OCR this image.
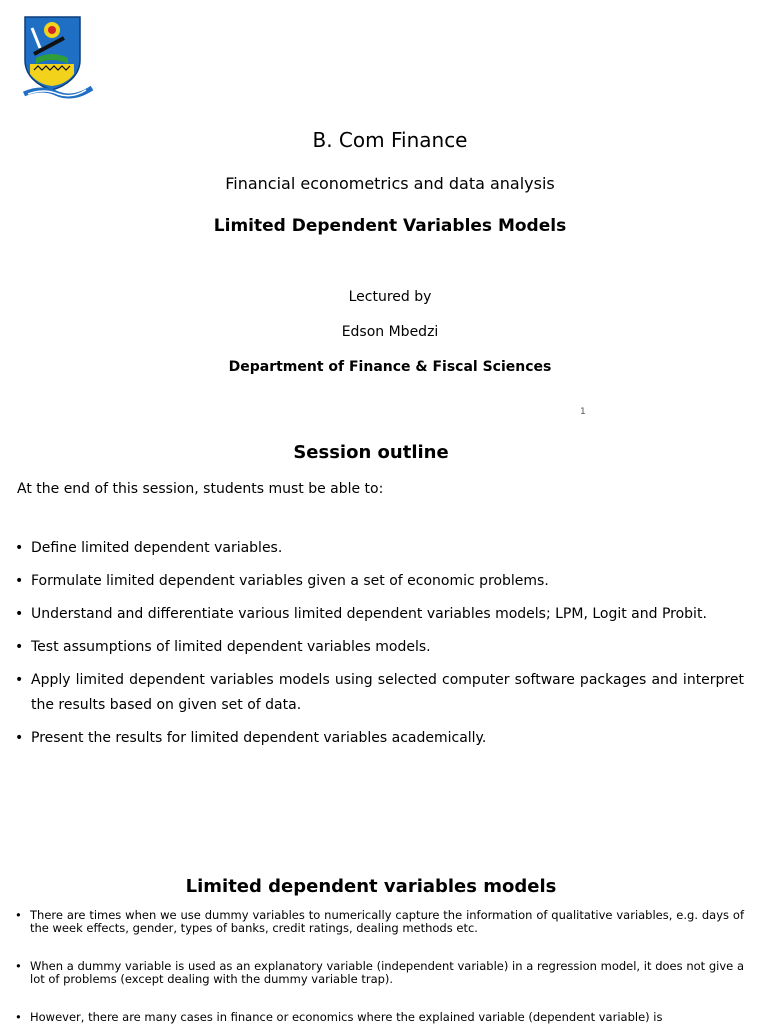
B. Com Finance
Financial econometrics and data analysis
Limited Dependent Variables Models
Lectured by
Edson Mbedzi
Department of Finance & Fiscal Sciences
1
Session outline
At the end of this session, students must be able to:
• Define limited dependent variables.
• Formulate limited dependent variables given a set of economic problems.
• Understand and differentiate various limited dependent variables models; LPM, Logit and Probit.
• Test assumptions of limited dependent variables models.
• Apply limited dependent variables models using selected computer software packages and interpret the results based on given set of data.
• Present the results for limited dependent variables academically.
Limited dependent variables models
• There are times when we use dummy variables to numerically capture the information of qualitative variables, e.g. days of the week effects, gender, types of banks, credit ratings, dealing methods etc.
• When a dummy variable is used as an explanatory variable (independent variable) in a regression model, it does not give a lot of problems (except dealing with the dummy variable trap).
• However, there are many cases in finance or economics where the explained variable (dependent variable) is
